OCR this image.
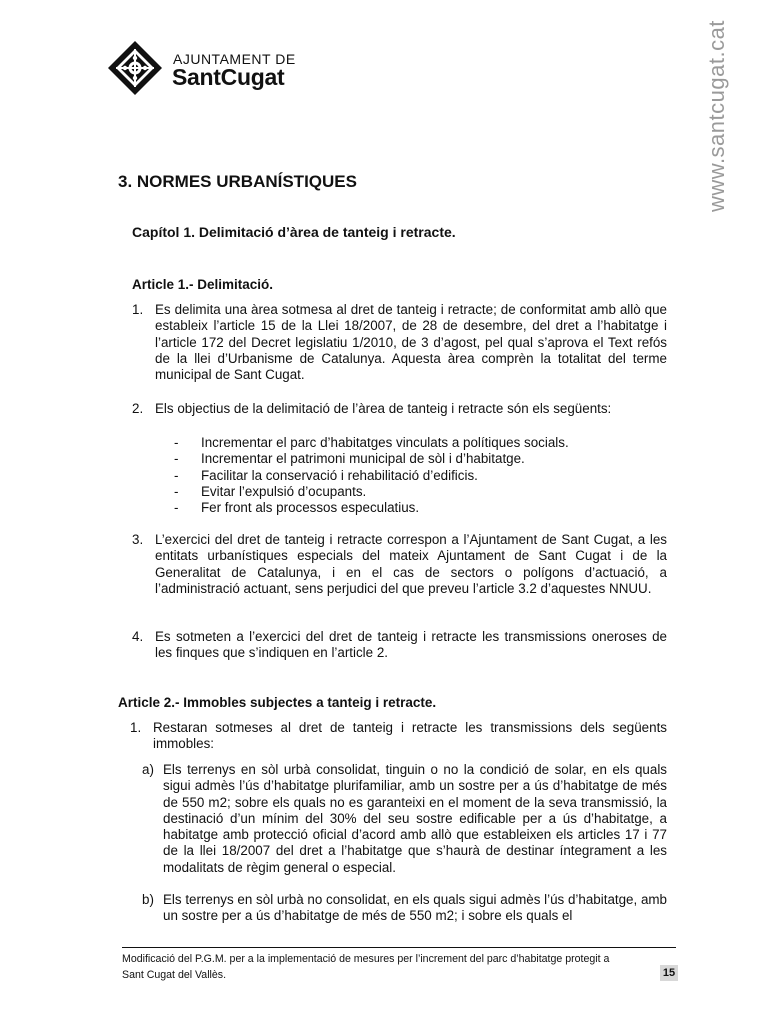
AJUNTAMENT DE
SantCugat	www.santcugat.cat
3. NORMES URBANÍSTIQUES
Capítol 1. Delimitació d’àrea de tanteig i retracte.
Article 1.- Delimitació.
1. Es delimita una àrea sotmesa al dret de tanteig i retracte; de conformitat amb allò que estableix l’article 15 de la Llei 18/2007, de 28 de desembre, del dret a l’habitatge i l’article 172 del Decret legislatiu 1/2010, de 3 d’agost, pel qual s’aprova el Text refós de la llei d’Urbanisme de Catalunya. Aquesta àrea comprèn la totalitat del terme municipal de Sant Cugat.
2. Els objectius de la delimitació de l’àrea de tanteig i retracte són els següents:
- Incrementar el parc d’habitatges vinculats a polítiques socials.
- Incrementar el patrimoni municipal de sòl i d’habitatge.
- Facilitar la conservació i rehabilitació d’edificis.
- Evitar l’expulsió d’ocupants.
- Fer front als processos especulatius.
3. L’exercici del dret de tanteig i retracte correspon a l’Ajuntament de Sant Cugat, a les entitats urbanístiques especials del mateix Ajuntament de Sant Cugat i de la Generalitat de Catalunya, i en el cas de sectors o polígons d’actuació, a l’administració actuant, sens perjudici del que preveu l’article 3.2 d’aquestes NNUU.
4. Es sotmeten a l’exercici del dret de tanteig i retracte les transmissions oneroses de les finques que s’indiquen en l’article 2.
Article 2.- Immobles subjectes a tanteig i retracte.
1. Restaran sotmeses al dret de tanteig i retracte les transmissions dels següents immobles:
a) Els terrenys en sòl urbà consolidat, tinguin o no la condició de solar, en els quals sigui admès l’ús d’habitatge plurifamiliar, amb un sostre per a ús d’habitatge de més de 550 m2; sobre els quals no es garanteixi en el moment de la seva transmissió, la destinació d’un mínim del 30% del seu sostre edificable per a ús d’habitatge, a habitatge amb protecció oficial d’acord amb allò que estableixen els articles 17 i 77 de la llei 18/2007 del dret a l’habitatge que s’haurà de destinar íntegrament a les modalitats de règim general o especial.
b) Els terrenys en sòl urbà no consolidat, en els quals sigui admès l’ús d’habitatge, amb un sostre per a ús d’habitatge de més de 550 m2; i sobre els quals el
Modificació del P.G.M. per a la implementació de mesures per l’increment del parc d’habitatge protegit a
Sant Cugat del Vallès.	15
